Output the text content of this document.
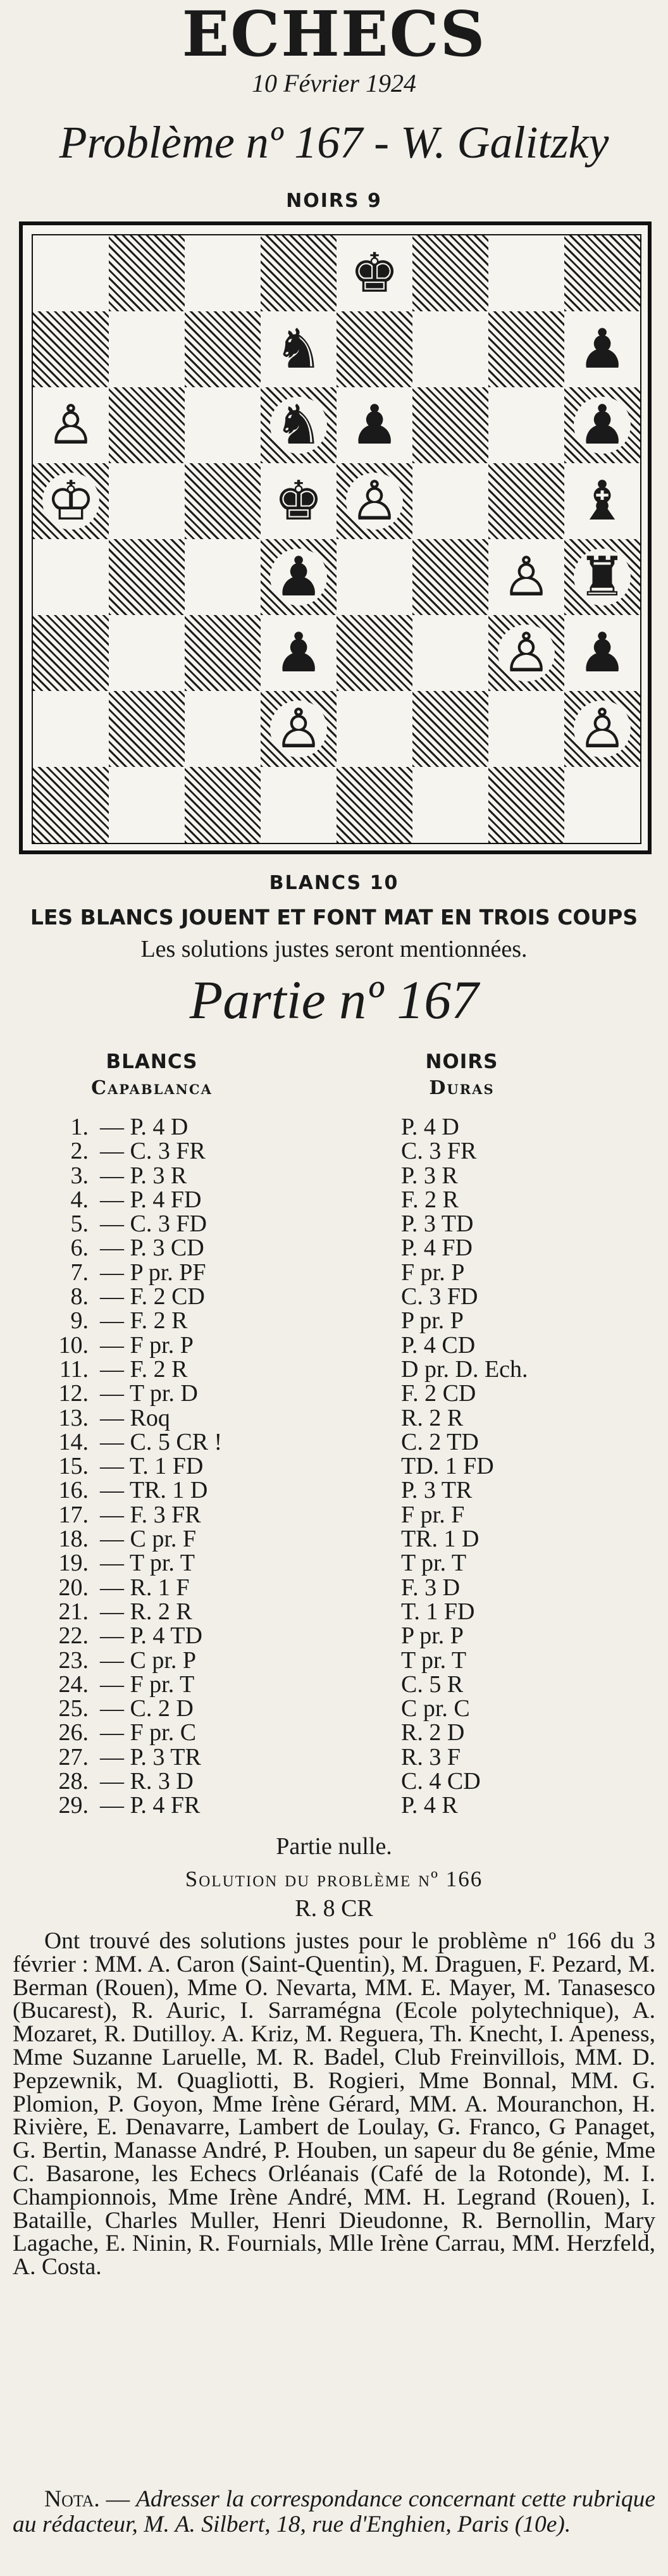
ECHECS
10 Février 1924
Problème nº 167 - W. Galitzky
NOIRS 9
♚
♞	♟
♙	♞ ♟	♟
♔	♚ ♙	♝
♟	♙ ♜
♟	♙ ♟
♙	♙
BLANCS 10
LES BLANCS JOUENT ET FONT MAT EN TROIS COUPS
Les solutions justes seront mentionnées.
Partie nº 167
BLANCS
Capablanca
NOIRS
Duras
1. — P. 4 D	P. 4 D
2. — C. 3 FR	C. 3 FR
3. — P. 3 R	P. 3 R
4. — P. 4 FD	F. 2 R
5. — C. 3 FD	P. 3 TD
6. — P. 3 CD	P. 4 FD
7. — P pr. PF	F pr. P
8. — F. 2 CD	C. 3 FD
9. — F. 2 R	P pr. P
10. — F pr. P	P. 4 CD
11. — F. 2 R	D pr. D. Ech.
12. — T pr. D	F. 2 CD
13. — Roq	R. 2 R
14. — C. 5 CR !	C. 2 TD
15. — T. 1 FD	TD. 1 FD
16. — TR. 1 D	P. 3 TR
17. — F. 3 FR	F pr. F
18. — C pr. F	TR. 1 D
19. — T pr. T	T pr. T
20. — R. 1 F	F. 3 D
21. — R. 2 R	T. 1 FD
22. — P. 4 TD	P pr. P
23. — C pr. P	T pr. T
24. — F pr. T	C. 5 R
25. — C. 2 D	C pr. C
26. — F pr. C	R. 2 D
27. — P. 3 TR	R. 3 F
28. — R. 3 D	C. 4 CD
29. — P. 4 FR	P. 4 R
Partie nulle.
Solution du problème nº 166
R. 8 CR
Ont trouvé des solutions justes pour le problème nº 166 du 3 février : MM. A. Caron (Saint-Quentin), M. Draguen, F. Pezard, M. Berman (Rouen), Mme O. Nevarta, MM. E. Mayer, M. Tanasesco (Bucarest), R. Auric, I. Sarramégna (Ecole polytechnique), A. Mozaret, R. Dutilloy. A. Kriz, M. Reguera, Th. Knecht, I. Apeness, Mme Suzanne Laruelle, M. R. Badel, Club Freinvillois, MM. D. Pepzewnik, M. Quagliotti, B. Rogieri, Mme Bonnal, MM. G. Plomion, P. Goyon, Mme Irène Gérard, MM. A. Mouranchon, H. Rivière, E. Denavarre, Lambert de Loulay, G. Franco, G Panaget, G. Bertin, Manasse André, P. Houben, un sapeur du 8e génie, Mme C. Basarone, les Echecs Orléanais (Café de la Rotonde), M. I. Championnois, Mme Irène André, MM. H. Legrand (Rouen), I. Bataille, Charles Muller, Henri Dieudonne, R. Bernollin, Mary Lagache, E. Ninin, R. Fournials, Mlle Irène Carrau, MM. Herzfeld, A. Costa.
Nota. — Adresser la correspondance concernant cette rubrique au rédacteur, M. A. Silbert, 18, rue d'Enghien, Paris (10e).
